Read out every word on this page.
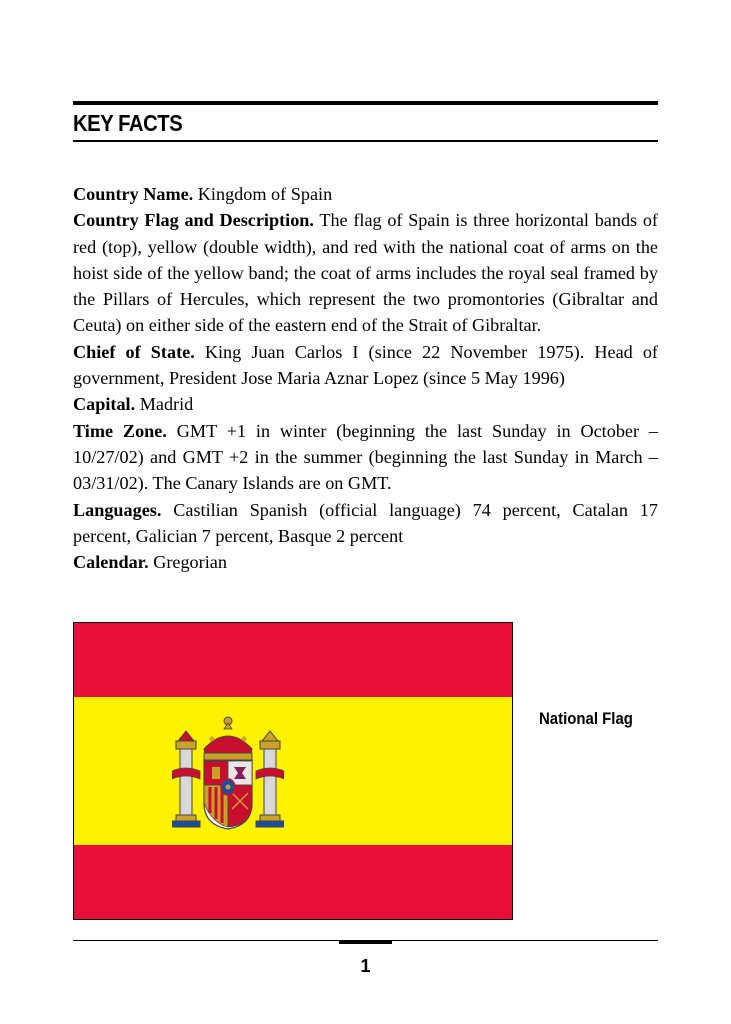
KEY FACTS

Country Name. Kingdom of Spain

Country Flag and Description. The flag of Spain is three horizontal bands of red (top), yellow (double width), and red with the national coat of arms on the hoist side of the yellow band; the coat of arms includes the royal seal framed by the Pillars of Hercules, which represent the two promontories (Gibraltar and Ceuta) on either side of the eastern end of the Strait of Gibraltar.

Chief of State. King Juan Carlos I (since 22 November 1975). Head of government, President Jose Maria Aznar Lopez (since 5 May 1996)

Capital. Madrid

Time Zone. GMT +1 in winter (beginning the last Sunday in October – 10/27/02) and GMT +2 in the summer (beginning the last Sunday in March – 03/31/02). The Canary Islands are on GMT.

Languages. Castilian Spanish (official language) 74 percent, Catalan 17 percent, Galician 7 percent, Basque 2 percent

Calendar. Gregorian

National Flag
1
